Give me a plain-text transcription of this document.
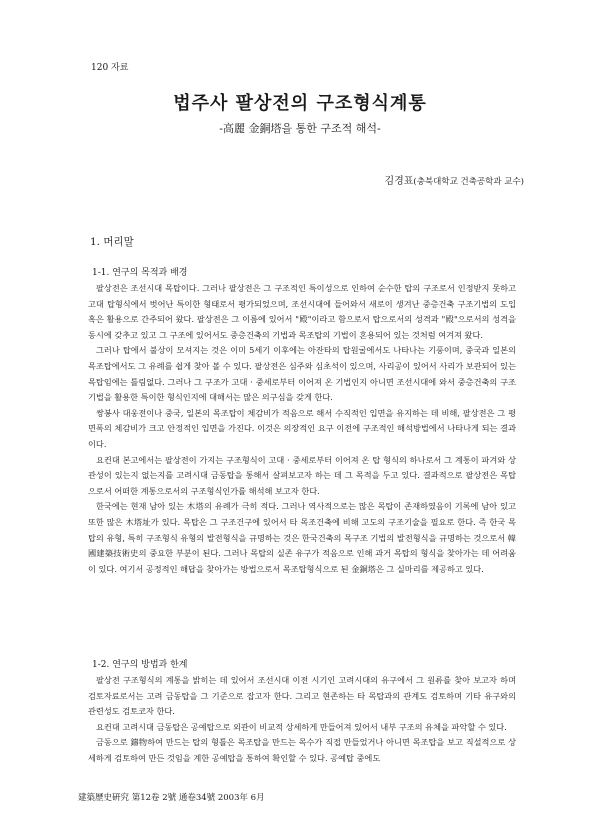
120 자료
법주사 팔상전의 구조형식계통
-高麗 金銅塔을 통한 구조적 해석-
김경표(충북대학교 건축공학과 교수)
1. 머리말
1-1. 연구의 목적과 배경

팔상전은 조선시대 목탑이다. 그러나 팔상전은 그 구조적인 특이성으로 인하여 순수한 탑의 구조로서 인정받지 못하고 고대 탑형식에서 벗어난 특이한 형태로서 평가되었으며, 조선시대에 들어와서 새로이 생겨난 중층건축 구조기법의 도입 혹은 활용으로 간주되어 왔다. 팔상전은 그 이름에 있어서 "殿"이라고 함으로서 탑으로서의 성격과 "殿"으로서의 성격을 동시에 갖추고 있고 그 구조에 있어서도 중층건축의 기법과 목조탑의 기법이 혼용되어 있는 것처럼 여겨져 왔다.

그러나 탑에서 불상이 모셔지는 것은 이미 5세기 이후에는 아잔타의 탑원굴에서도 나타나는 기풍이며, 중국과 일본의 목조탑에서도 그 유례를 쉽게 찾아 볼 수 있다. 팔상전은 심주와 심초석이 있으며, 사리공이 있어서 사리가 보관되어 있는 목탑임에는 틀림없다. 그러나 그 구조가 고대 · 중세로부터 이어져 온 기법인지 아니면 조선시대에 와서 중층건축의 구조기법을 활용한 특이한 형식인지에 대해서는 많은 의구심을 갖게 한다.

쌍봉사 대웅전이나 중국, 일본의 목조탑이 체감비가 적음으로 해서 수직적인 입면을 유지하는 데 비해, 팔상전은 그 평면폭의 체감비가 크고 안정적인 입면을 가진다. 이것은 의장적인 요구 이전에 구조적인 해석방법에서 나타나게 되는 결과이다.

요컨대 본고에서는 팔상전이 가지는 구조형식이 고대 · 중세로부터 이어져 온 탑 형식의 하나로서 그 계통이 파겨와 상관성이 있는지 없는지를 고려시대 금동탑을 통해서 살펴보고자 하는 데 그 목적을 두고 있다. 결과적으로 팔상전은 목탑으로서 어떠한 계통으로서의 구조형식인가를 해석해 보고자 한다.

한국에는 현재 남아 있는 木塔의 유례가 극히 적다. 그러나 역사적으로는 많은 목탑이 존재하였음이 기록에 남아 있고 또한 많은 木塔址가 있다. 목탑은 그 구조건구에 있어서 타 목조건축에 비해 고도의 구조기술을 필요로 한다. 즉 한국 목탑의 유형, 특히 구조형식 유형의 발전형식을 규명하는 것은 한국건축의 목구조 기법의 발전형식을 규명하는 것으로서 韓國建築技術史의 중요한 부분이 된다. 그러나 목탑의 실존 유구가 적음으로 인해 과거 목탑의 형식을 찾아가는 데 어려움이 있다. 여기서 공정적인 해답을 찾아가는 방법으로서 목조탑형식으로 된 金銅塔은 그 실마리를 제공하고 있다.

1-2. 연구의 방법과 한계

팔상전 구조형식의 계통을 밝히는 데 있어서 조선시대 이전 시기인 고려시대의 유구에서 그 원류를 찾아 보고자 하며 검토자료로서는 고려 금동탑을 그 기준으로 잡고자 한다. 그리고 현존하는 타 목탑과의 관계도 검토하며 기타 유구와의 관련성도 검토코자 한다.

요컨대 고려시대 금동탑은 공예탑으로 외관이 비교적 상세하게 만들어져 있어서 내부 구조의 유체을 파악할 수 있다.

금동으로 鑄物하여 만드는 탑의 형틀은 목조탑을 만드는 목수가 직접 만들었거나 아니면 목조탑을 보고 직설적으로 상세하게 검토하여 만든 것임을 계한 공예탑을 통하여 확인할 수 있다. 공예탑 중에도

建築歷史硏究 第12卷 2號 通卷34號 2003年 6月
